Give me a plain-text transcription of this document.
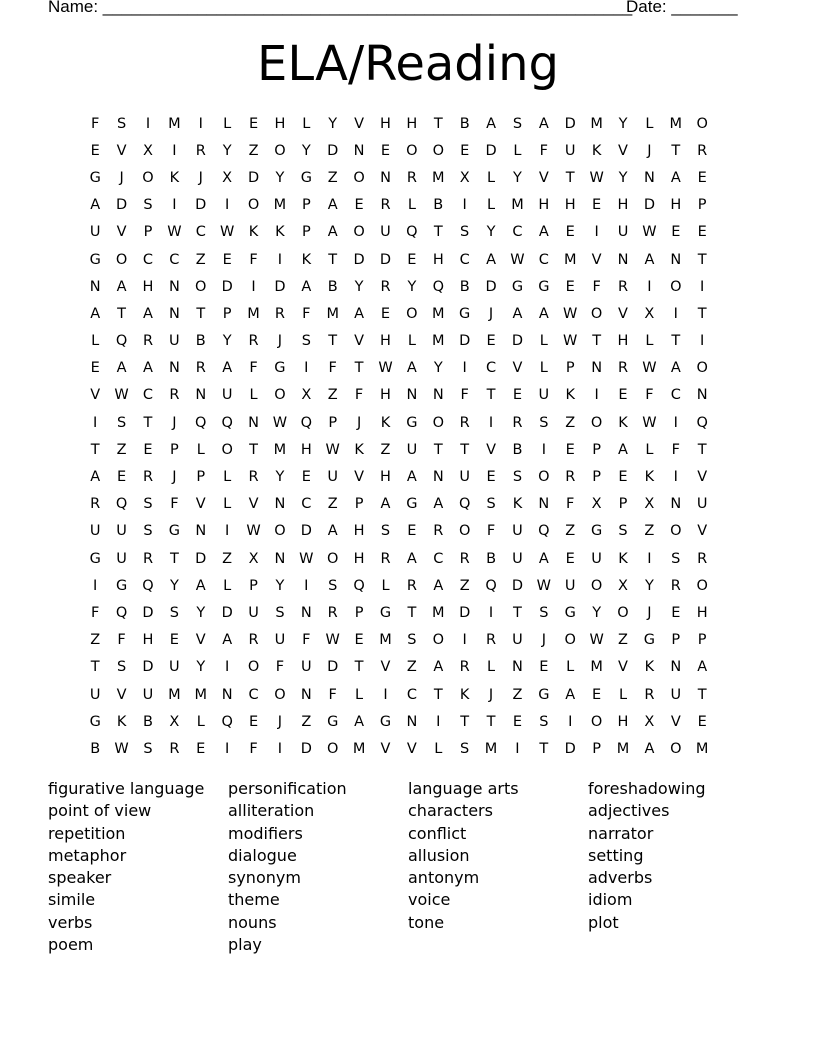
Name: ________________________________________________________
Date: _______
ELA/Reading
F	S	I	M	I	L	E	H	L	Y	V	H	H	T	B	A	S	A	D	M	Y	L	M O
E	V	X	I	R	Y	Z	O	Y	D	N	E	O	O	E	D	L	F	U	K	V	J	T	R
G	J	O	K	J	X	D	Y	G	Z	O	N	R	M	X	L	Y	V	T	W	Y	N	A	E
A	D	S	I	D	I	O M	P	A	E	R	L	B	I	L	M	H	H	E	H	D	H	P
U	V	P	W C W K	K	P	A	O	U	Q	T	S	Y	C	A	E	I	U W	E	E
G	O	C	C	Z	E	F	I	K	T	D	D	E	H	C	A W C	M	V	N	A	N	T
N	A	H	N	O	D	I	D	A	B	Y	R	Y	Q	B	D	G	G	E	F	R	I	O	I
A	T	A	N	T	P	M	R	F	M	A	E	O M	G	J	A	A W O	V	X	I	T
L	Q	R	U	B	Y	R	J	S	T	V	H	L	M	D	E	D	L	W	T	H	L	T	I
E	A	A	N	R	A	F	G	I	F	T	W A	Y	I	C	V	L	P	N	R W A	O
V W C	R	N	U	L	O	X	Z	F	H	N	N	F	T	E	U	K	I	E	F	C	N
I	S	T	J	Q	Q	N W Q	P	J	K	G	O	R	I	R	S	Z	O	K W	I	Q
T	Z	E	P	L	O	T	M	H W K	Z	U	T	T	V	B	I	E	P	A	L	F	T
A	E	R	J	P	L	R	Y	E	U	V	H	A	N	U	E	S	O	R	P	E	K	I	V
R	Q	S	F	V	L	V	N	C	Z	P	A	G	A	Q	S	K	N	F	X	P	X	N	U
U	U	S	G	N	I	W O	D	A	H	S	E	R	O	F	U	Q	Z	G	S	Z	O	V
G	U	R	T	D	Z	X	N W O	H	R	A	C	R	B	U	A	E	U	K	I	S	R
I	G	Q	Y	A	L	P	Y	I	S	Q	L	R	A	Z	Q	D W U	O	X	Y	R	O
F	Q	D	S	Y	D	U	S	N	R	P	G	T	M	D	I	T	S	G	Y	O	J	E	H
Z	F	H	E	V	A	R	U	F	W	E	M	S	O	I	R	U	J	O W Z	G	P	P
T	S	D	U	Y	I	O	F	U	D	T	V	Z	A	R	L	N	E	L	M	V	K	N	A
U	V	U	M M	N	C	O	N	F	L	I	C	T	K	J	Z	G	A	E	L	R	U	T
G	K	B	X	L	Q	E	J	Z	G	A	G	N	I	T	T	E	S	I	O	H	X	V	E
B W	S	R	E	I	F	I	D	O M	V	V	L	S	M	I	T	D	P	M	A	O M
figurative language
point of view
repetition
metaphor
speaker
simile
verbs
poem
personification
alliteration
modifiers
dialogue
synonym
theme
nouns
play
language arts
characters
conflict
allusion
antonym
voice
tone
foreshadowing
adjectives
narrator
setting
adverbs
idiom
plot
